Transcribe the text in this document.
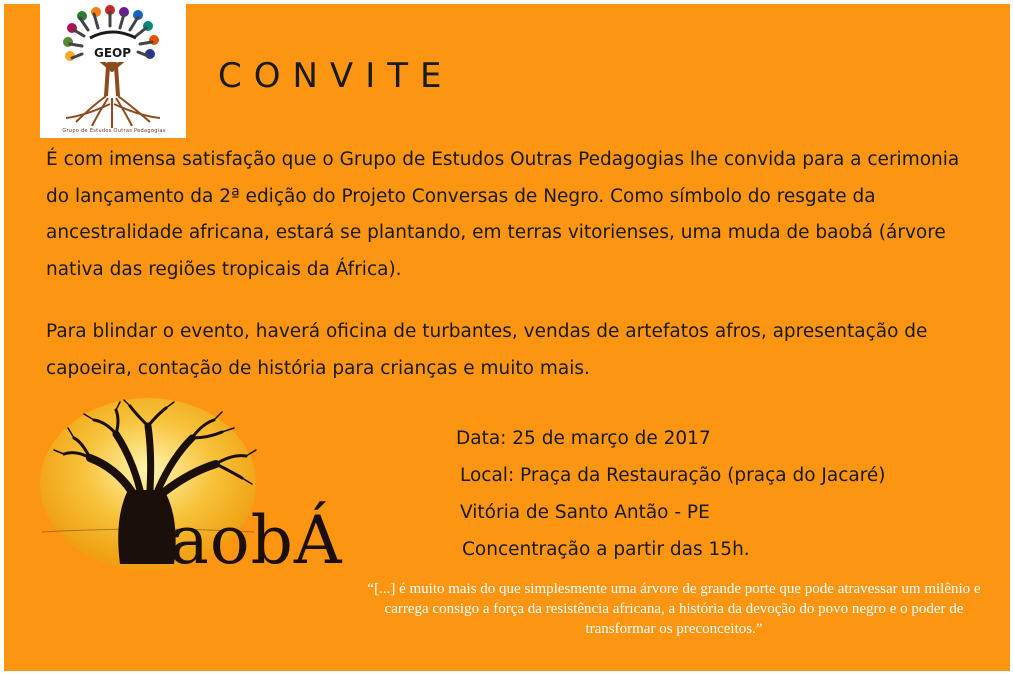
GEOP
Grupo de Estudos Outras Pedagogias
CONVITE

É com imensa satisfação que o Grupo de Estudos Outras Pedagogias lhe convida para a cerimonia do lançamento da 2ª edição do Projeto Conversas de Negro. Como símbolo do resgate da ancestralidade africana, estará se plantando, em terras vitorienses, uma muda de baobá (árvore nativa das regiões tropicais da África).

Para blindar o evento, haverá oficina de turbantes, vendas de artefatos afros, apresentação de capoeira, contação de história para crianças e muito mais.

BaobÁ
Data: 25 de março de 2017
Local: Praça da Restauração (praça do Jacaré)
Vitória de Santo Antão - PE
Concentração a partir das 15h.
“[...] é muito mais do que simplesmente uma árvore de grande porte que pode atravessar um milênio e carrega consigo a força da resistência africana, a história da devoção do povo negro e o poder de transformar os preconceitos.”
